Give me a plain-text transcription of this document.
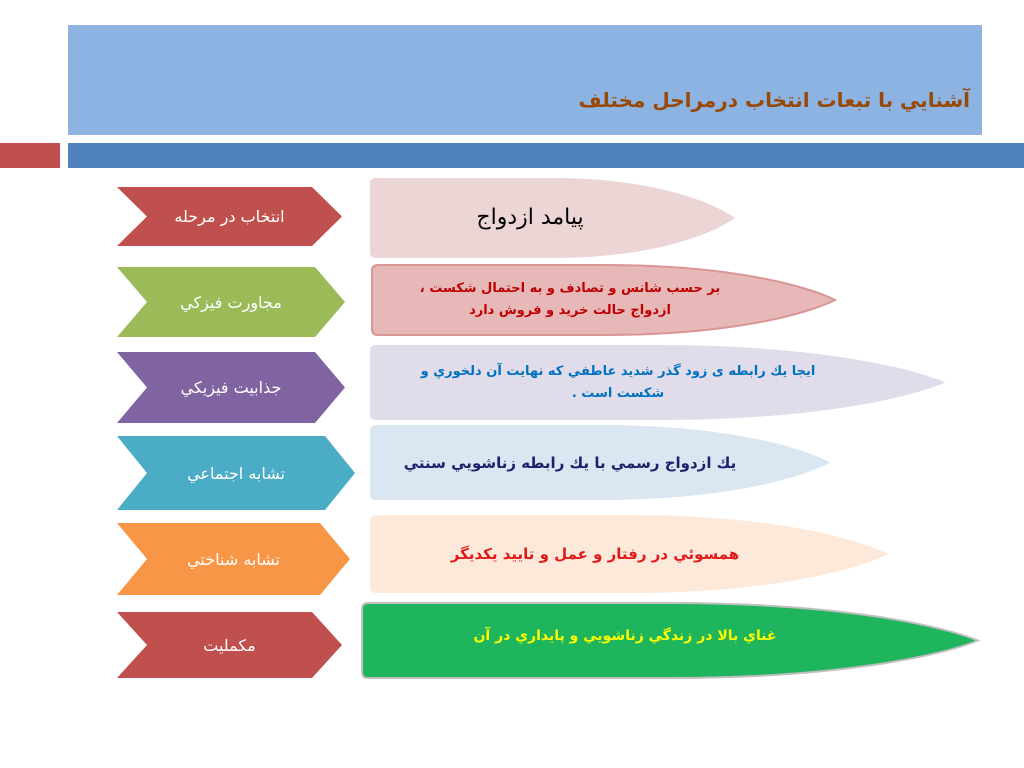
آشنايي با تبعات انتخاب درمراحل مختلف
انتخاب در مرحله
مجاورت فيزكي
جذابيت فيزيكي
تشابه اجتماعي
تشابه شناختي
مكمليت
پيامد ازدواج
بر حسب شانس و تصادف و به احتمال شكست ،
ازدواج حالت خريد و فروش دارد
ايجا يك رابطه ی زود گذر شديد عاطفي كه نهايت آن دلخوري و
شكست است .
يك ازدواج رسمي با يك رابطه زناشويي سنتي
همسوئي در رفتار و عمل و تاييد يكديگر
غناي بالا در زندگي زناشويي و پايداري در آن
